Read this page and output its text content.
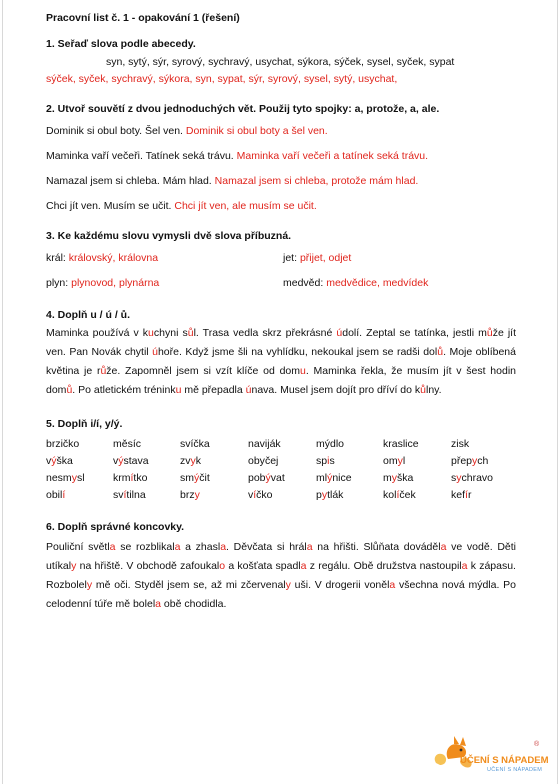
Pracovní list č. 1 - opakování 1 (řešení)

1. Seřaď slova podle abecedy.

syn, sytý, sýr, syrový, sychravý, usychat, sýkora, sýček, sysel, syček, sypat

sýček, syček, sychravý, sýkora, syn, sypat, sýr, syrový, sysel, sytý, usychat,

2. Utvoř souvětí z dvou jednoduchých vět. Použij tyto spojky: a, protože, a, ale.

Dominik si obul boty. Šel ven. Dominik si obul boty a šel ven.

Maminka vaří večeři. Tatínek seká trávu. Maminka vaří večeři a tatínek seká trávu.

Namazal jsem si chleba. Mám hlad. Namazal jsem si chleba, protože mám hlad.

Chci jít ven. Musím se učit. Chci jít ven, ale musím se učit.

3. Ke každému slovu vymysli dvě slova příbuzná.

král: královský, královna	jet: přijet, odjet
plyn: plynovod, plynárna	medvěd: medvědice, medvídek

4. Doplň u / ú / ů.

Maminka používá v kuchyni sůl. Trasa vedla skrz překrásné údolí. Zeptal se tatínka, jestli může jít ven. Pan Novák chytil úhoře. Když jsme šli na vyhlídku, nekoukal jsem se radši dolů. Moje oblíbená květina je růže. Zapomněl jsem si vzít klíče od domu. Maminka řekla, že musím jít v šest hodin domů. Po atletickém tréninku mě přepadla únava. Musel jsem dojít pro dříví do kůlny.

5. Doplň i/í, y/ý.

brzičko	měsíc	svíčka	naviják	mýdlo	kraslice	zisk
výška	výstava	zvyk	obyčej	spis	omyl	přepych
nesmysl	krmítko	smýčit	pobývat	mlýnice	myška	sychravo
obilí	svítilna	brzy	víčko	pytlák	kolíček	kefír

6. Doplň správné koncovky.

Pouliční světla se rozblikala a zhasla. Děvčata si hrála na hřišti. Slůňata dováděla ve vodě. Děti utíkaly na hřiště. V obchodě zafoukalo a košťata spadla z regálu. Obě družstva nastoupila k zápasu. Rozbolely mě oči. Styděl jsem se, až mi zčervenaly uši. V drogerii voněla všechna nová mýdla. Po celodenní túře mě bolela obě chodidla.

UČENÍ S NÁPADEM
UČENÍ S NÁPADEM
®
